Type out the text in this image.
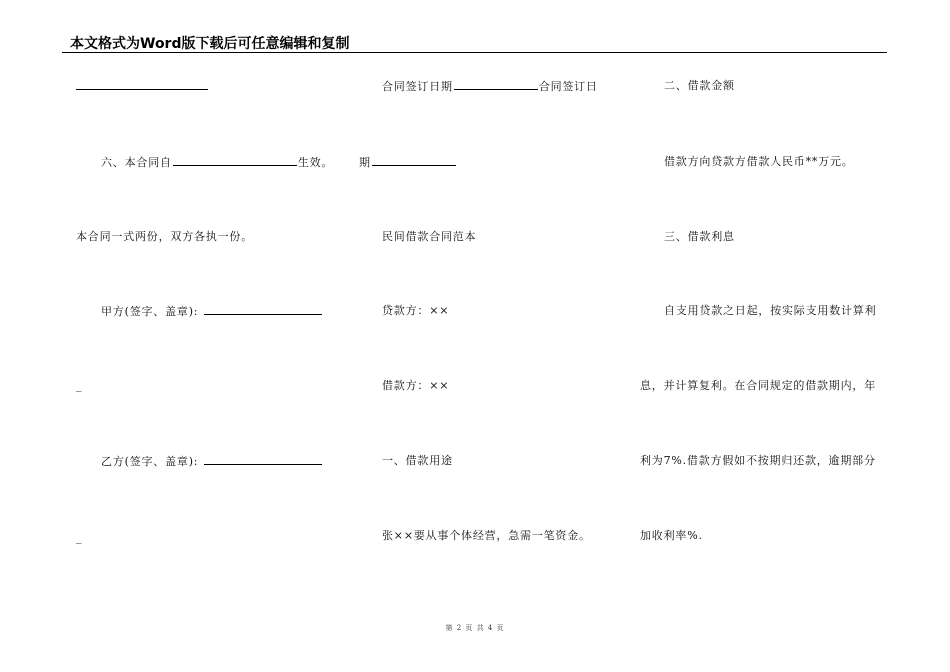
本文格式为Word版下载后可任意编辑和复制
六、本合同自	生效。
本合同一式两份，双方各执一份。
甲方(签字、盖章):
_
乙方(签字、盖章):
_
合同签订日期	合同签订日
期
民间借款合同范本
贷款方：××
借款方：××
一、借款用途
张××要从事个体经营，急需一笔资金。
二、借款金额
借款方向贷款方借款人民币**万元。
三、借款利息
自支用贷款之日起，按实际支用数计算利
息，并计算复利。在合同规定的借款期内，年
利为7%.借款方假如不按期归还款，逾期部分
加收利率%.
第 2 页 共 4 页
